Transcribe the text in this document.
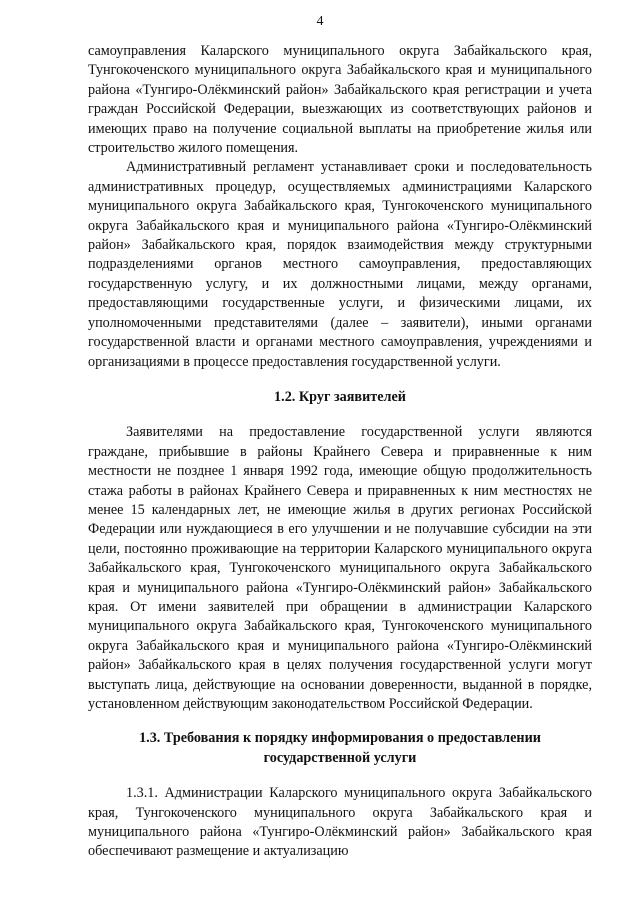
4

самоуправления Каларского муниципального округа Забайкальского края, Тунгокоченского муниципального округа Забайкальского края и муниципального района «Тунгиро-Олёкминский район» Забайкальского края регистрации и учета граждан Российской Федерации, выезжающих из соответствующих районов и имеющих право на получение социальной выплаты на приобретение жилья или строительство жилого помещения.

Административный регламент устанавливает сроки и последовательность административных процедур, осуществляемых администрациями Каларского муниципального округа Забайкальского края, Тунгокоченского муниципального округа Забайкальского края и муниципального района «Тунгиро-Олёкминский район» Забайкальского края, порядок взаимодействия между структурными подразделениями органов местного самоуправления, предоставляющих государственную услугу, и их должностными лицами, между органами, предоставляющими государственные услуги, и физическими лицами, их уполномоченными представителями (далее – заявители), иными органами государственной власти и органами местного самоуправления, учреждениями и организациями в процессе предоставления государственной услуги.

1.2. Круг заявителей

Заявителями на предоставление государственной услуги являются граждане, прибывшие в районы Крайнего Севера и приравненные к ним местности не позднее 1 января 1992 года, имеющие общую продолжительность стажа работы в районах Крайнего Севера и приравненных к ним местностях не менее 15 календарных лет, не имеющие жилья в других регионах Российской Федерации или нуждающиеся в его улучшении и не получавшие субсидии на эти цели, постоянно проживающие на территории Каларского муниципального округа Забайкальского края, Тунгокоченского муниципального округа Забайкальского края и муниципального района «Тунгиро-Олёкминский район» Забайкальского края. От имени заявителей при обращении в администрации Каларского муниципального округа Забайкальского края, Тунгокоченского муниципального округа Забайкальского края и муниципального района «Тунгиро-Олёкминский район» Забайкальского края в целях получения государственной услуги могут выступать лица, действующие на основании доверенности, выданной в порядке, установленном действующим законодательством Российской Федерации.

1.3. Требования к порядку информирования о предоставлении

государственной услуги

1.3.1. Администрации Каларского муниципального округа Забайкальского края, Тунгокоченского муниципального округа Забайкальского края и муниципального района «Тунгиро-Олёкминский район» Забайкальского края обеспечивают размещение и актуализацию
